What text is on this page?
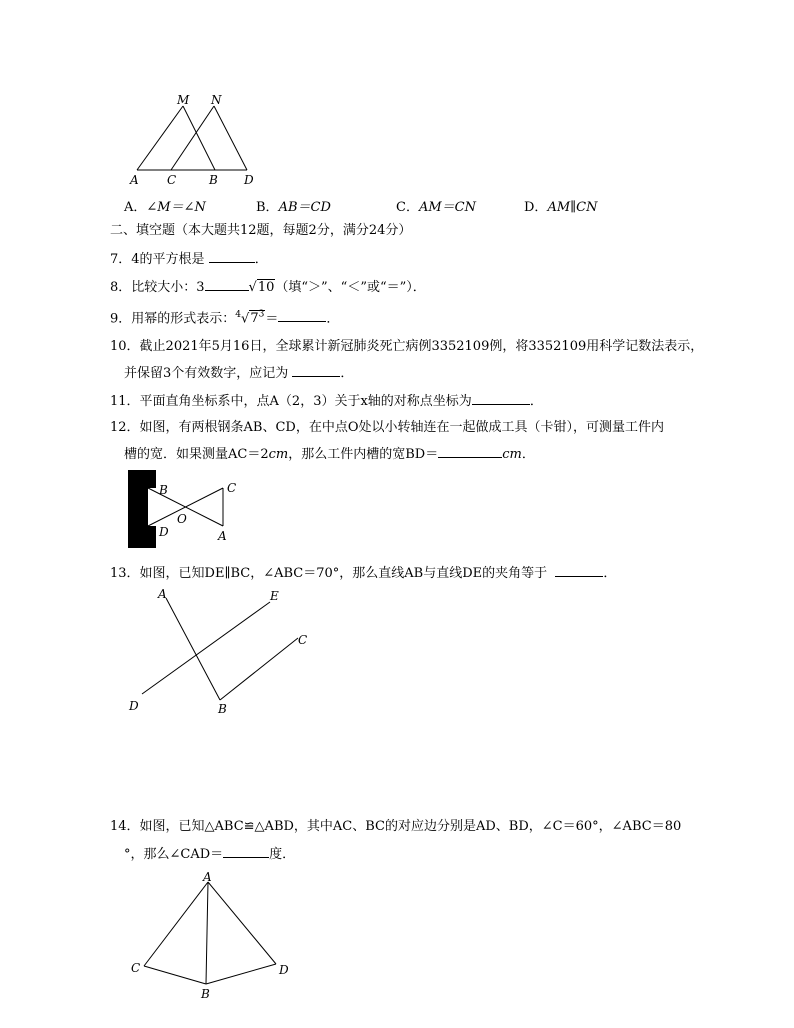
M N
A C	B D
A．∠M＝∠N	B．AB＝CD	C．AM＝CN	D．AM∥CN
二、填空题（本大题共12题，每题2分，满分24分）
7．4的平方根是	．
8．比较大小：3	√10（填“＞”、“＜”或“＝”）．
9．用幂的形式表示：$^4√7^3=$	．
10．截止2021年5月16日，全球累计新冠肺炎死亡病例3352109例，将3352109用科学记数法表示，
并保留3个有效数字，应记为	．
11．平面直角坐标系中，点A（2，3）关于x轴的对称点坐标为	．
12．如图，有两根钢条AB、CD，在中点O处以小转轴连在一起做成工具（卡钳），可测量工件内
槽的宽．如果测量AC＝2cm，那么工件内槽的宽BD＝	cm．
B	C
O
D	A
13．如图，已知DE∥BC，∠ABC＝70°，那么直线AB与直线DE的夹角等于	．
A	E
C
D	B
14．如图，已知△ABC≌△ABD，其中AC、BC的对应边分别是AD、BD，∠C＝60°，∠ABC＝80
°，那么∠CAD＝	度．
A
C	D
B
